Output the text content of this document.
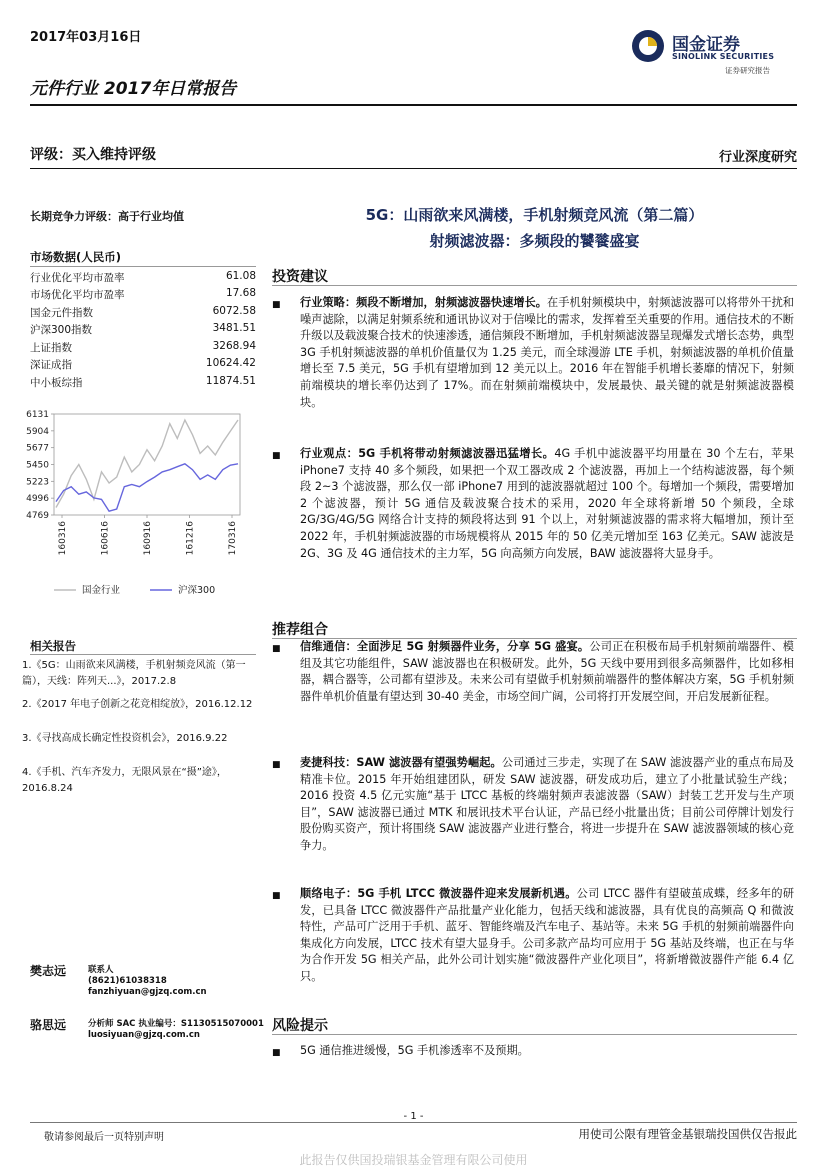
2017年03月16日
元件行业 2017年日常报告
国金证券
SINOLINK SECURITIES
证券研究报告
评级：买入维持评级	行业深度研究
长期竞争力评级：高于行业均值
市场数据(人民币)
行业优化平均市盈率	61.08
市场优化平均市盈率	17.68
国金元件指数	6072.58
沪深300指数	3481.51
上证指数	3268.94
深证成指	10624.42
中小板综指	11874.51
6131
5904
5677
5450
5223
4996
4769
160316	160616	160916	161216	170316
国金行业	沪深300
相关报告
1.《5G：山雨欲来风满楼，手机射频竞风流（第一篇），天线：阵列天...》，2017.2.8
2.《2017 年电子创新之花竞相绽放》，2016.12.12
3.《寻找高成长确定性投资机会》，2016.9.22
4.《手机、汽车齐发力，无限风景在“摄”途》，2016.8.24
樊志远	联系人
(8621)61038318
fanzhiyuan@gjzq.com.cn
骆思远	分析师 SAC 执业编号：S1130515070001
luosiyuan@gjzq.com.cn
5G：山雨欲来风满楼，手机射频竞风流（第二篇）
射频滤波器：多频段的饕餮盛宴
投资建议
■ 行业策略：频段不断增加，射频滤波器快速增长。在手机射频模块中，射频滤波器可以将带外干扰和噪声滤除，以满足射频系统和通讯协议对于信噪比的需求，发挥着至关重要的作用。通信技术的不断升级以及载波聚合技术的快速渗透，通信频段不断增加，手机射频滤波器呈现爆发式增长态势，典型 3G 手机射频滤波器的单机价值量仅为 1.25 美元，而全球漫游 LTE 手机，射频滤波器的单机价值量增长至 7.5 美元，5G 手机有望增加到 12 美元以上。2016 年在智能手机增长萎靡的情况下，射频前端模块的增长率仍达到了 17%。而在射频前端模块中，发展最快、最关键的就是射频滤波器模块。
■ 行业观点：5G 手机将带动射频滤波器迅猛增长。4G 手机中滤波器平均用量在 30 个左右，苹果 iPhone7 支持 40 多个频段，如果把一个双工器改成 2 个滤波器，再加上一个结构滤波器，每个频段 2~3 个滤波器，那么仅一部 iPhone7 用到的滤波器就超过 100 个。每增加一个频段，需要增加 2 个滤波器，预计 5G 通信及载波聚合技术的采用，2020 年全球将新增 50 个频段，全球 2G/3G/4G/5G 网络合计支持的频段将达到 91 个以上，对射频滤波器的需求将大幅增加，预计至 2022 年，手机射频滤波器的市场规模将从 2015 年的 50 亿美元增加至 163 亿美元。SAW 滤波是 2G、3G 及 4G 通信技术的主力军，5G 向高频方向发展，BAW 滤波器将大显身手。
推荐组合
■ 信维通信：全面涉足 5G 射频器件业务，分享 5G 盛宴。公司正在积极布局手机射频前端器件、模组及其它功能组件，SAW 滤波器也在积极研发。此外，5G 天线中要用到很多高频器件，比如移相器，耦合器等，公司都有望涉及。未来公司有望做手机射频前端器件的整体解决方案，5G 手机射频器件单机价值量有望达到 30-40 美金，市场空间广阔，公司将打开发展空间，开启发展新征程。
■ 麦捷科技：SAW 滤波器有望强势崛起。公司通过三步走，实现了在 SAW 滤波器产业的重点布局及精准卡位。2015 年开始组建团队，研发 SAW 滤波器，研发成功后，建立了小批量试验生产线；2016 投资 4.5 亿元实施“基于 LTCC 基板的终端射频声表滤波器（SAW）封装工艺开发与生产项目”，SAW 滤波器已通过 MTK 和展讯技术平台认证，产品已经小批量出货；目前公司停牌计划发行股份购买资产，预计将围绕 SAW 滤波器产业进行整合，将进一步提升在 SAW 滤波器领域的核心竞争力。
■ 顺络电子：5G 手机 LTCC 微波器件迎来发展新机遇。公司 LTCC 器件有望破茧成蝶，经多年的研发，已具备 LTCC 微波器件产品批量产业化能力，包括天线和滤波器，具有优良的高频高 Q 和微波特性，产品可广泛用于手机、蓝牙、智能终端及汽车电子、基站等。未来 5G 手机的射频前端器件向集成化方向发展，LTCC 技术有望大显身手。公司多款产品均可应用于 5G 基站及终端，也正在与华为合作开发 5G 相关产品，此外公司计划实施“微波器件产业化项目”，将新增微波器件产能 6.4 亿只。
风险提示
■ 5G 通信推进缓慢，5G 手机渗透率不及预期。
- 1 -
敬请参阅最后一页特别声明	用使司公限有理管金基银瑞投国供仅告报此
此报告仅供国投瑞银基金管理有限公司使用
